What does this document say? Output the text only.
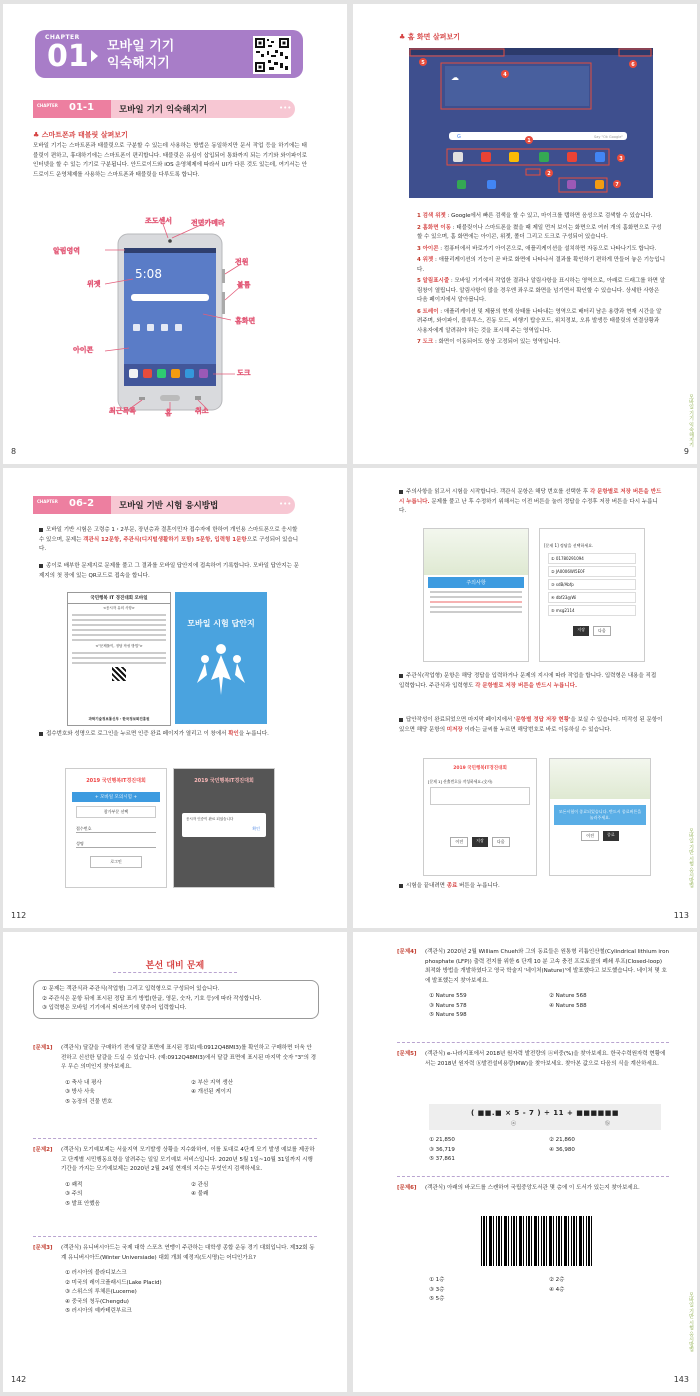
CHAPTER
01 모바일 기기
익숙해지기
CHAPTER 01-1	모바일 기기 익숙해지기	•••
♣ 스마트폰과 태블릿 살펴보기
모바일 기기는 스마트폰과 태블릿으로 구분할 수 있는데 사용하는 방법은 동일하지만 문서 작업 등을 하기에는 태블릿이 편하고, 휴대하기에는 스마트폰이 편리합니다. 태블릿은 유심이 삽입되어 통화까지 되는 기기와 와이파이로 인터넷을 할 수 있는 기기로 구분됩니다. 안드로이드와 iOS 운영체제에 따라서 UI가 다른 것도 있는데, 여기서는 안드로이드 운영체제를 사용하는 스마트폰과 태블릿을 다루도록 합니다.
5:08
조도센서	전면카메라
알림영역
전원
위젯	볼륨
홈화면
아이콘
도크
최근목록	홈	취소
8
♣ 홈 화면 살펴보기
☁
G	Say "Ok Google"
5
4
1
3
2
7
6
1 검색 위젯 : Google에서 빠른 검색을 할 수 있고, 마이크를 탭하면 음성으로 검색할 수 있습니다.
2 홈화면 이동 : 태블릿이나 스마트폰을 켰을 때 제일 먼저 보이는 화면으로 여러 개의 홈화면으로 구성할 수 있으며, 홈 화면에는 아이콘, 위젯, 폴더 그리고 도크로 구성되어 있습니다.
3 아이콘 : 컴퓨터에서 바로가기 아이콘으로, 애플리케이션을 설치하면 자동으로 나타나기도 합니다.
4 위젯 : 애플리케이션의 기능이 곧 바로 화면에 나타나서 결과를 확인하기 편하게 만들어 놓은 기능입니다.
5 알림표시줄 : 모바일 기기에서 작업한 결과나 알림사항을 표시하는 영역으로, 아래로 드래그를 하면 알림창이 열립니다. 알림사항이 많을 경우엔 좌우로 화면을 넘기면서 확인할 수 있습니다. 상세한 사항은 다음 페이지에서 알아봅니다.
6 트레이 : 애플리케이션 및 제품의 현재 상태를 나타내는 영역으로 배터리 남은 용량과 현재 시간을 알려주며, 와이파이, 블루투스, 진동 모드, 비행기 탑승모드, 위치정보, 오류 발생등 태블릿의 연결상황과 사용자에게 알려줘야 하는 것을 표시해 주는 영역입니다.
7 도크 : 화면이 이동되어도 항상 고정되어 있는 영역입니다.
모바일 기기 익숙해지기
9
CHAPTER 06-2	모바일 기반 시험 응시방법	•••
모바일 기반 시험은 고령층 1・2부문, 장년층과 결혼이민자 접수자에 한하여 개인용 스마트폰으로 응시할 수 있으며, 문제는 객관식 12문항, 주관식(디지털생활하기 포함) 5문항, 입력형 1문항으로 구성되어 있습니다.
종이로 배부한 문제지로 문제를 풀고 그 결과를 모바일 답안지에 접속하여 기록합니다. 모바일 답안지는 문제지의 첫 장에 있는 QR코드로 접속을 합니다.
국민행복 IT 경진대회 모바일
<응시자 유의 사항>
<"문제풀이, 정답 작성 방법">
과학기술정보통신부・한국정보화진흥원
모바일 시험 답안지
접수번호와 성명으로 로그인을 누르면 인증 완료 페이지가 열리고 이 창에서 확인을 누릅니다.
2019 국민행복IT경진대회
+ 모바일 모의시험 +
참가부문 선택
접수번호
성명
로그인
2019 국민행복IT경진대회
응시자 인증이 완료 되었습니다
확인
112
주의사항을 읽고서 시험을 시작합니다. 객관식 문항은 해당 번호를 선택한 후 각 문항별로 저장 버튼을 반드시 누릅니다. 문제를 풀고 난 후 수정하기 위해서는 이전 버튼을 눌러 정답을 수정후 저장 버튼을 다시 누릅니다.
주의사항
[문제 1] 정답을 선택하세요.
① 01780291094
② JA0006WI5E0F
③ sdB/Abfp
④ dbf23@Wi
⑤ msg2114
저장	다음
주관식(작업형) 문항은 해당 정답을 입력하거나 문제의 지시에 따라 작업을 합니다. 입력형은 내용을 직접 입력합니다. 주관식과 입력형도 각 문항별로 저장 버튼을 반드시 누릅니다.
답안작성이 완료되었으면 마지막 페이지에서 '문항별 정답 저장 현황'을 보실 수 있습니다. 미작성 된 문항이 있으면 해당 문항의 미저장 이라는 글씨를 누르면 해당번호로 바로 이동하실 수 있습니다.
2019 국민행복IT경진대회
[문제 1] 산출번호를 작성하세요.(숫자)
이전	저장	다음
모든시험이 종료되었습니다. 반드시 종료버튼을 눌러주세요.
이전	종료
시험을 끝내려면 종료 버튼을 누릅니다.	모바일 기반 시험 응시방법
113
본선 대비 문제
① 문제는 객관식과 주관식(작업형) 그리고 입력형으로 구성되어 있습니다.
② 주관식은 문항 뒤에 표시된 정답 표기 방법(한글, 영문, 숫자, 기호 등)에 따라 작성합니다.
③ 입력형은 모바일 기기에서 띄어쓰기에 맞추어 입력합니다.
[문제1]	(객관식) 달걀을 구매하기 전에 달걀 표면에 표시된 정보(예:0912Q48MI3)를 확인하고 구매하면 더욱 안전하고 신선한 달걀을 드실 수 있습니다. (예:0912Q48MI3)에서 달걀 표면에 표시된 마지막 숫자 "3"의 경우 무슨 의미인지 찾아보세요.
① 축사 내 평사	② 부산 지역 생산
③ 방사 사육	④ 개선된 케이지
⑤ 농장의 건물 번호
[문제2]	(객관식) 모기예보제는 서울지역 모기발생 상황을 지수화하여, 이를 토대로 4단계 모기 발생 예보를 제공하고 단계별 시민행동요령을 알려주는 일일 모기예보 서비스입니다. 2020년 5월 1일~10월 31일까지 시행기간을 가지는 모기예보제는 2020년 2월 24일 현재의 지수는 무엇인지 검색하세요.
① 쾌적	② 관심
③ 주의	④ 불쾌
⑤ 발표 안했음
[문제3]	(객관식) 유니버시아드는 국제 대학 스포츠 연맹이 주관하는 대학생 종합 운동 경기 대회입니다. 제32회 동계 유니버시아드(Winter Universiade) 대회 개최 예정지(도시명)는 어디인가요?
① 러시아의 블라디보스크
② 미국의 레이크플래시드(Lake Placid)
③ 스위스의 루체른(Lucerne)
④ 중국의 청두(Chengdu)
⑤ 러시아의 예카테린부르크
142
[문제4]	(객관식) 2020년 2월 William Chueh와 그의 동료들은 원통형 리튬인산철(Cylindrical lithium iron phosphate (LFP)) 출력 전지를 위한 6 단계 10 분 고속 충전 프로토콜의 폐쇄 루프(Closed-loop) 최적화 방법을 개발하였다고 영국 학술지 '네이처(Nature)'에 발표했다고 보도했습니다. 네이처 몇 호에 발표했는지 찾아보세요.
① Nature 559	② Nature 568
③ Nature 578	④ Nature 588
⑤ Nature 598
[문제5]	(객관식) e-나라지표에서 2018년 원자력 발전량의 ⓐ비중(%)을 찾아보세요. 한국수력원자력 현황에서는 2018년 원자력 ⓑ발전설비용량(MW)을 찾아보세요. 찾아본 값으로 다음의 식을 계산하세요.
( ■■.■ × 5 - 7 ) ÷ 11 + ■■■■■■
ⓐ	ⓑ
① 21,850	② 21,860
③ 36,719	④ 36,980
⑤ 37,861
[문제6]	(객관식) 아래의 바코드를 스캔하여 국립중앙도서관 몇 층에 이 도서가 있는지 찾아보세요.
① 1층	② 2층
③ 3층	④ 4층
⑤ 5층	모바일 기반 시험 응시방법
143
